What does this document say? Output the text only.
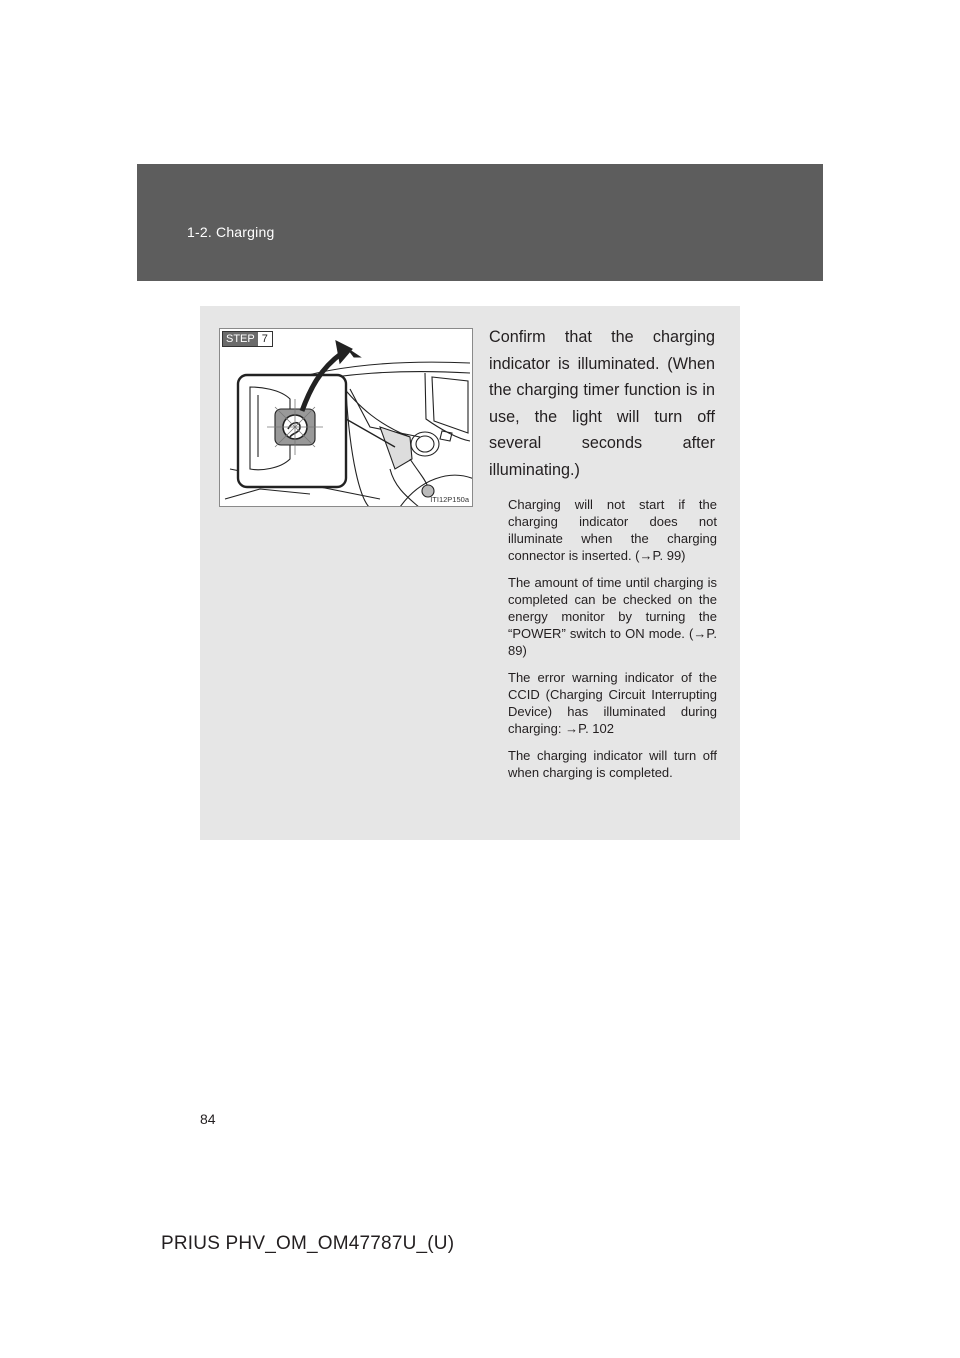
1-2. Charging
STEP 7
ITI12P150a

Confirm that the charging indicator is illuminated. (When the charging timer function is in use, the light will turn off several seconds after illuminating.)

Charging will not start if the charging indicator does not illuminate when the charging connector is inserted. (→P. 99)

The amount of time until charging is completed can be checked on the energy monitor by turning the “POWER” switch to ON mode. (→P. 89)

The error warning indicator of the CCID (Charging Circuit Interrupting Device) has illuminated during charging: →P. 102

The charging indicator will turn off when charging is completed.

84
PRIUS PHV_OM_OM47787U_(U)
